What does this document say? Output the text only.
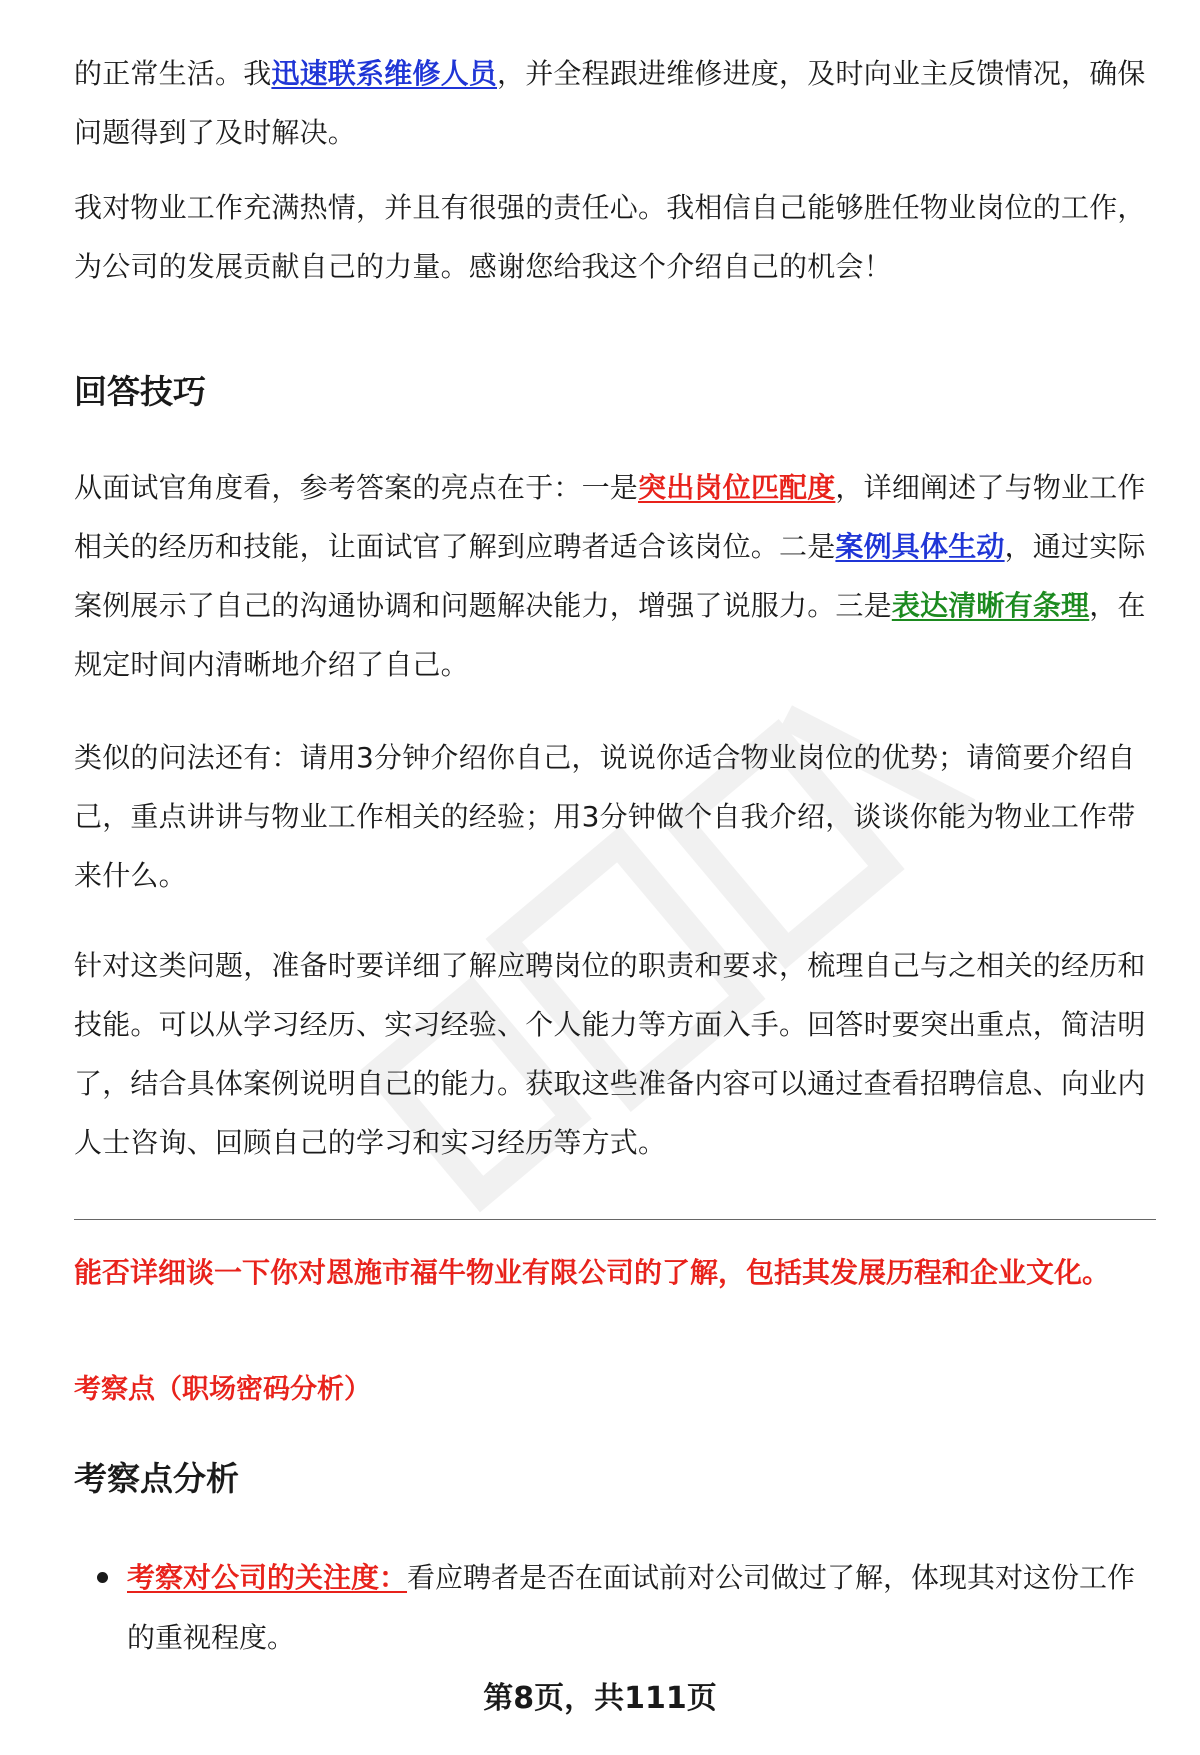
的正常生活。我迅速联系维修人员，并全程跟进维修进度，及时向业主反馈情况，确保问题得到了及时解决。

我对物业工作充满热情，并且有很强的责任心。我相信自己能够胜任物业岗位的工作，为公司的发展贡献自己的力量。感谢您给我这个介绍自己的机会！

回答技巧

从面试官角度看，参考答案的亮点在于：一是突出岗位匹配度，详细阐述了与物业工作相关的经历和技能，让面试官了解到应聘者适合该岗位。二是案例具体生动，通过实际案例展示了自己的沟通协调和问题解决能力，增强了说服力。三是表达清晰有条理，在规定时间内清晰地介绍了自己。

类似的问法还有：请用3分钟介绍你自己，说说你适合物业岗位的优势；请简要介绍自己，重点讲讲与物业工作相关的经验；用3分钟做个自我介绍，谈谈你能为物业工作带来什么。

针对这类问题，准备时要详细了解应聘岗位的职责和要求，梳理自己与之相关的经历和技能。可以从学习经历、实习经验、个人能力等方面入手。回答时要突出重点，简洁明了，结合具体案例说明自己的能力。获取这些准备内容可以通过查看招聘信息、向业内人士咨询、回顾自己的学习和实习经历等方式。

能否详细谈一下你对恩施市福牛物业有限公司的了解，包括其发展历程和企业文化。

考察点（职场密码分析）

考察点分析

考察对公司的关注度：看应聘者是否在面试前对公司做过了解，体现其对这份工作的重视程度。

第8页，共111页
